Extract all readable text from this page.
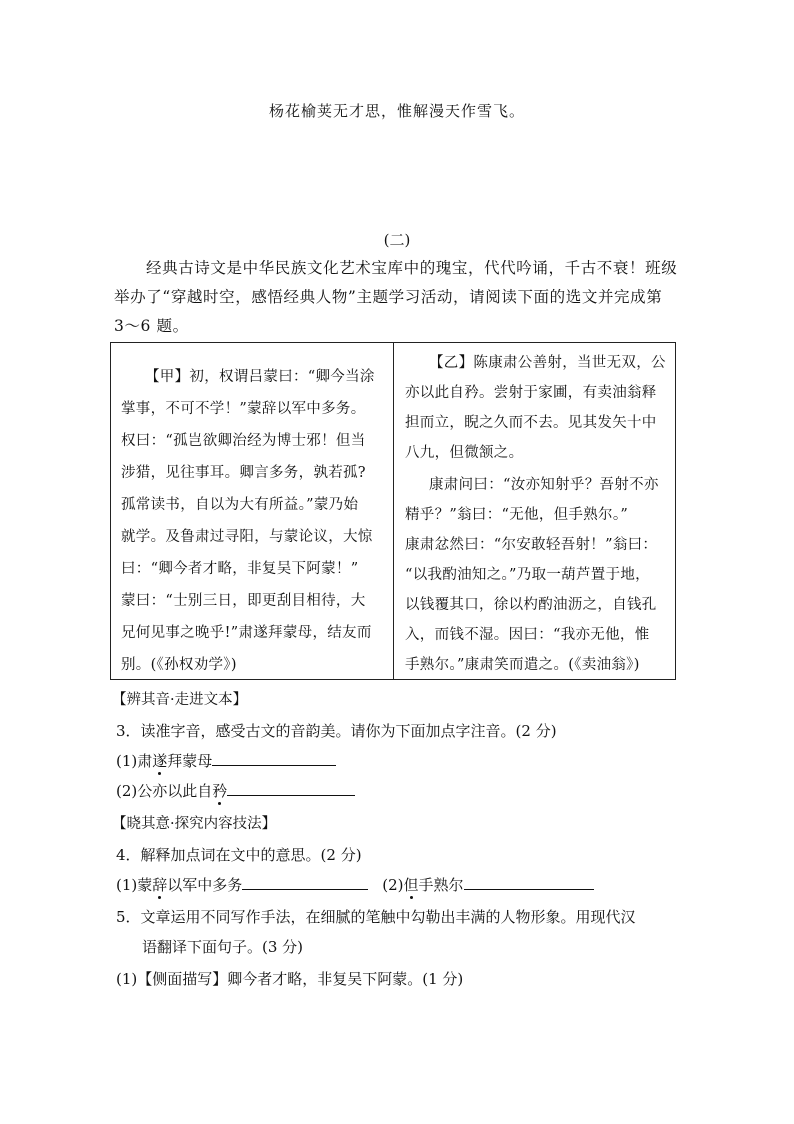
杨花榆荚无才思，惟解漫天作雪飞。
(二)
经典古诗文是中华民族文化艺术宝库中的瑰宝，代代吟诵，千古不衰！班级
举办了“穿越时空，感悟经典人物”主题学习活动，请阅读下面的选文并完成第
3～6 题。
【甲】初，权谓吕蒙曰：“卿今当涂
掌事，不可不学！”蒙辞以军中多务。
权曰：“孤岂欲卿治经为博士邪！但当
涉猎，见往事耳。卿言多务，孰若孤?
孤常读书，自以为大有所益。”蒙乃始
就学。及鲁肃过寻阳，与蒙论议，大惊
曰：“卿今者才略，非复吴下阿蒙！”
蒙曰：“士别三日，即更刮目相待，大
兄何见事之晚乎!”肃遂拜蒙母，结友而
别。(《孙权劝学》)
【乙】陈康肃公善射，当世无双，公
亦以此自矜。尝射于家圃，有卖油翁释
担而立，睨之久而不去。见其发矢十中
八九，但微颔之。
康肃问曰：“汝亦知射乎？吾射不亦
精乎？”翁曰：“无他，但手熟尔。”
康肃忿然曰：“尔安敢轻吾射！”翁曰：
“以我酌油知之。”乃取一葫芦置于地，
以钱覆其口，徐以杓酌油沥之，自钱孔
入，而钱不湿。因曰：“我亦无他，惟
手熟尔。”康肃笑而遣之。(《卖油翁》)
【辨其音·走进文本】
3．读准字音，感受古文的音韵美。请你为下面加点字注音。(2 分)
(1)肃遂拜蒙母
(2)公亦以此自矜
【晓其意·探究内容技法】
4．解释加点词在文中的意思。(2 分)
(1)蒙辞以军中多务	(2)但手熟尔
5．文章运用不同写作手法，在细腻的笔触中勾勒出丰满的人物形象。用现代汉
语翻译下面句子。(3 分)
(1)【侧面描写】卿今者才略，非复吴下阿蒙。(1 分)
